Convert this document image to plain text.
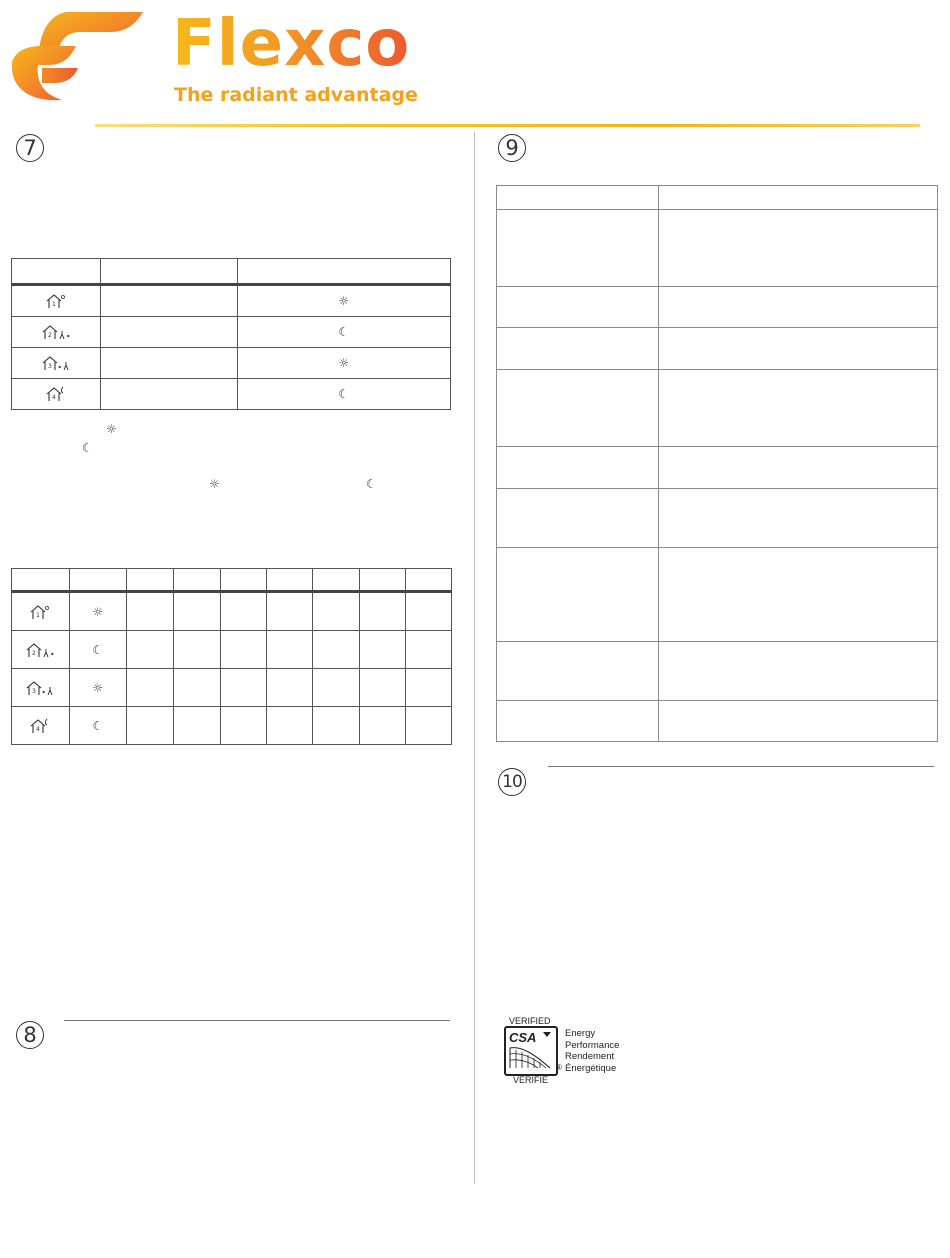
Flexco
The radiant advantage
7

1		☼

2		☾

3		☼

4		☾
☼
☾
☼	☾

1	☼							

2	☾							

3	☼							

4	☾							
8
9

10
VERIFIED
CSA
®
Energy
Performance
Rendement
Énergétique
VÉRIFIÉ
